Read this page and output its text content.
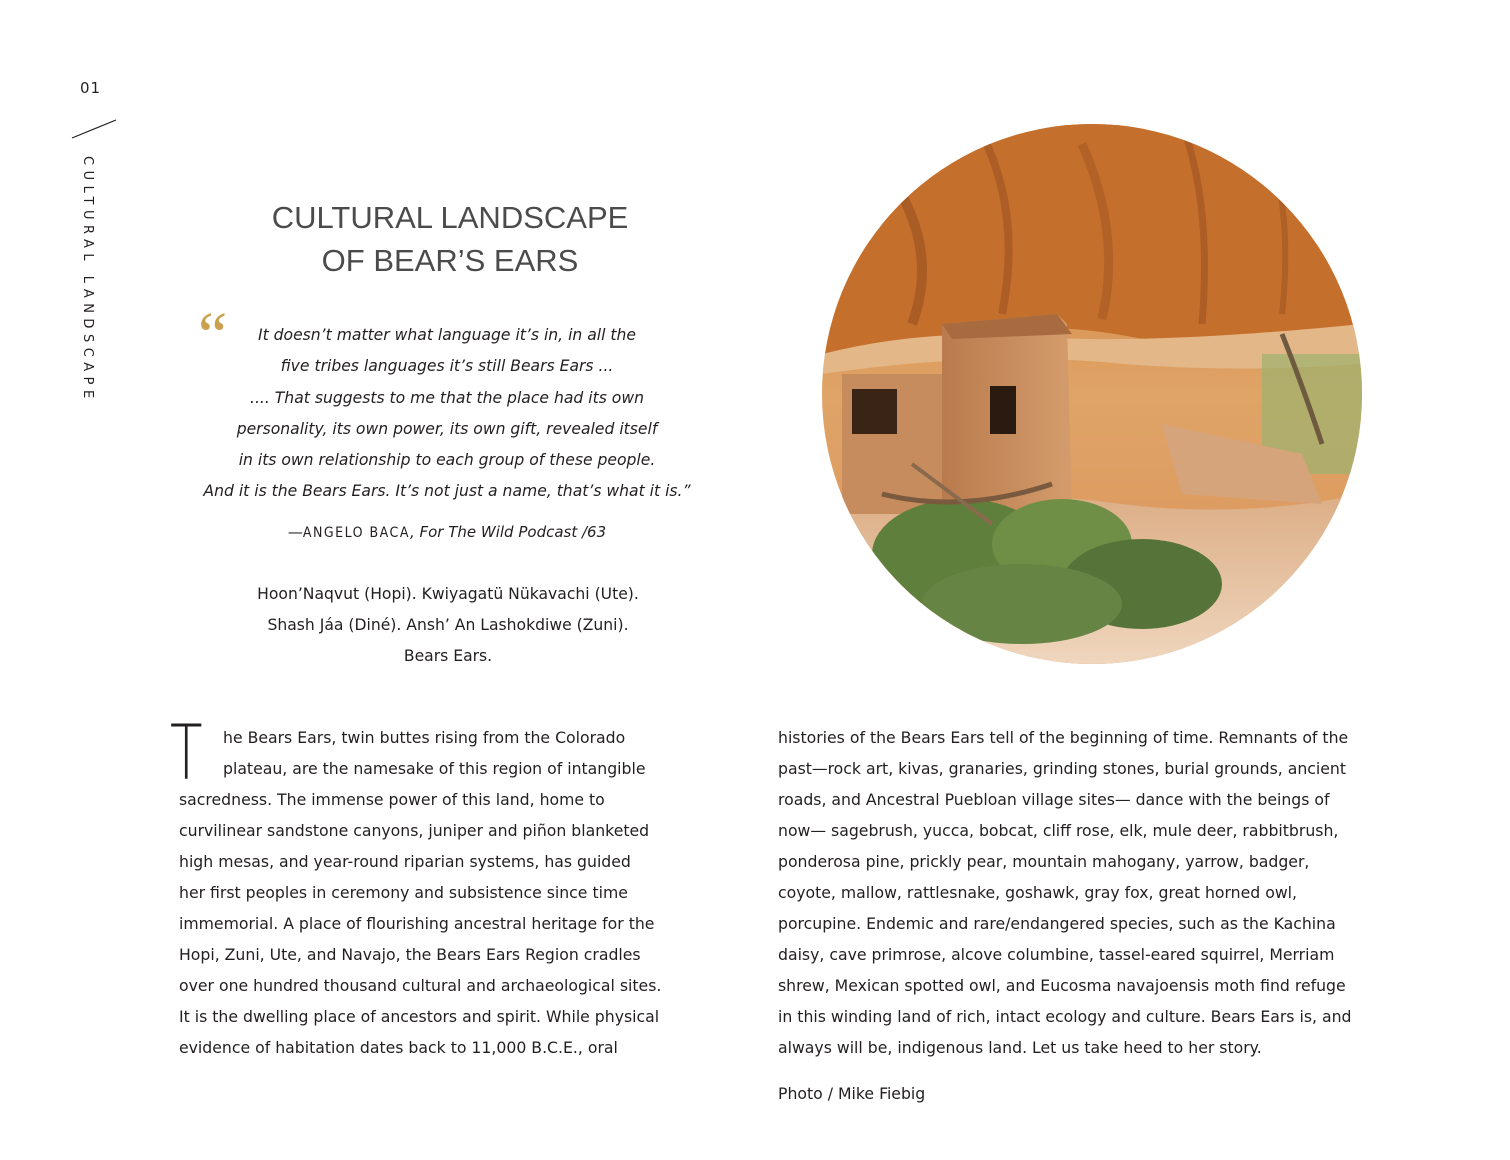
01
CULTURAL LANDSCAPE	CULTURAL LANDSCAPE
OF BEAR’S EARS
“	It doesn’t matter what language it’s in, in all the
five tribes languages it’s still Bears Ears ...
.... That suggests to me that the place had its own
personality, its own power, its own gift, revealed itself
in its own relationship to each group of these people.
And it is the Bears Ears. It’s not just a name, that’s what it is.”
—ANGELO BACA, For The Wild Podcast /63
Hoon’Naqvut (Hopi). Kwiyagatü Nükavachi (Ute).
Shash Jáa (Diné). Ansh’ An Lashokdiwe (Zuni).
Bears Ears.
T	he Bears Ears, twin buttes rising from the Colorado
plateau, are the namesake of this region of intangible
sacredness. The immense power of this land, home to
curvilinear sandstone canyons, juniper and piñon blanketed
high mesas, and year-round riparian systems, has guided
her first peoples in ceremony and subsistence since time
immemorial. A place of flourishing ancestral heritage for the
Hopi, Zuni, Ute, and Navajo, the Bears Ears Region cradles
over one hundred thousand cultural and archaeological sites.
It is the dwelling place of ancestors and spirit. While physical
evidence of habitation dates back to 11,000 B.C.E., oral
histories of the Bears Ears tell of the beginning of time. Remnants of the
past—rock art, kivas, granaries, grinding stones, burial grounds, ancient
roads, and Ancestral Puebloan village sites— dance with the beings of
now— sagebrush, yucca, bobcat, cliff rose, elk, mule deer, rabbitbrush,
ponderosa pine, prickly pear, mountain mahogany, yarrow, badger,
coyote, mallow, rattlesnake, goshawk, gray fox, great horned owl,
porcupine. Endemic and rare/endangered species, such as the Kachina
daisy, cave primrose, alcove columbine, tassel-eared squirrel, Merriam
shrew, Mexican spotted owl, and Eucosma navajoensis moth find refuge
in this winding land of rich, intact ecology and culture. Bears Ears is, and
always will be, indigenous land. Let us take heed to her story.
Photo / Mike Fiebig
